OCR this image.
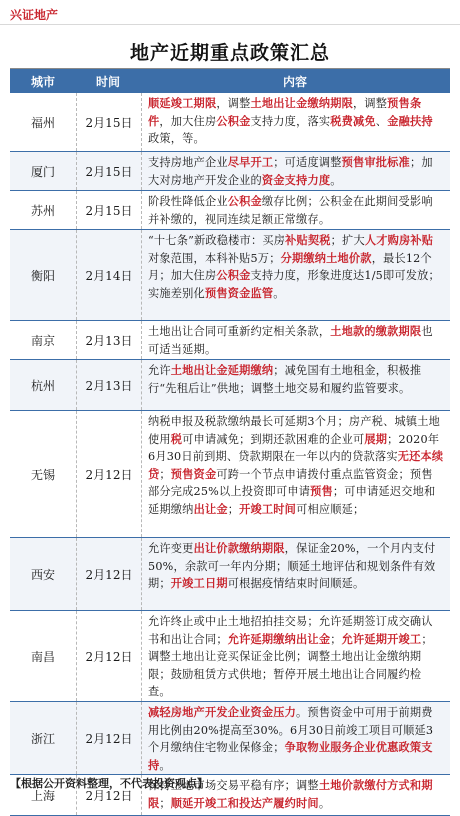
兴证地产
地产近期重点政策汇总
城市	时间	内容
福州	2月15日
顺延竣工期限，调整土地出让金缴纳期限，调整预售条件，加大住房公积金支持力度，落实税费减免、金融扶持政策，等。
厦门	2月15日
支持房地产企业尽早开工；可适度调整预售审批标准；加大对房地产开发企业的资金支持力度。
苏州	2月15日
阶段性降低企业公积金缴存比例；公积金在此期间受影响并补缴的，视同连续足额正常缴存。
衡阳	2月14日
“十七条”新政稳楼市：买房补贴契税；扩大人才购房补贴对象范围，本科补贴5万；分期缴纳土地价款，最长12个月；加大住房公积金支持力度，形象进度达1/5即可发放；实施差别化预售资金监管。
南京	2月13日
土地出让合同可重新约定相关条款，土地款的缴款期限也可适当延期。
杭州	2月13日
允许土地出让金延期缴纳；减免国有土地租金，积极推行“先租后让”供地；调整土地交易和履约监管要求。
无锡	2月12日
纳税申报及税款缴纳最长可延期3个月；房产税、城镇土地使用税可申请减免；到期还款困难的企业可展期；2020年6月30日前到期、贷款期限在一年以内的贷款落实无还本续贷；预售资金可跨一个节点申请拨付重点监管资金；预售部分完成25%以上投资即可申请预售；可申请延迟交地和延期缴纳出让金；开竣工时间可相应顺延；
西安	2月12日
允许变更出让价款缴纳期限，保证金20%，一个月内支付50%，余款可一年内分期；顺延土地评估和规划条件有效期；开竣工日期可根据疫情结束时间顺延。
南昌	2月12日
允许终止或中止土地招拍挂交易；允许延期签订成交确认书和出让合同；允许延期缴纳出让金；允许延期开竣工；调整土地出让竞买保证金比例；调整土地出让金缴纳期限；鼓励租赁方式供地；暂停开展土地出让合同履约检查。
浙江	2月12日
减轻房地产开发企业资金压力。预售资金中可用于前期费用比例由20%提高至30%。6月30日前竣工项目可顺延3个月缴纳住宅物业保修金；争取物业服务企业优惠政策支持。
上海	2月12日
保持土地市场交易平稳有序；调整土地价款缴付方式和期限；顺延开竣工和投达产履约时间。
【根据公开资料整理，不代表投资观点】
